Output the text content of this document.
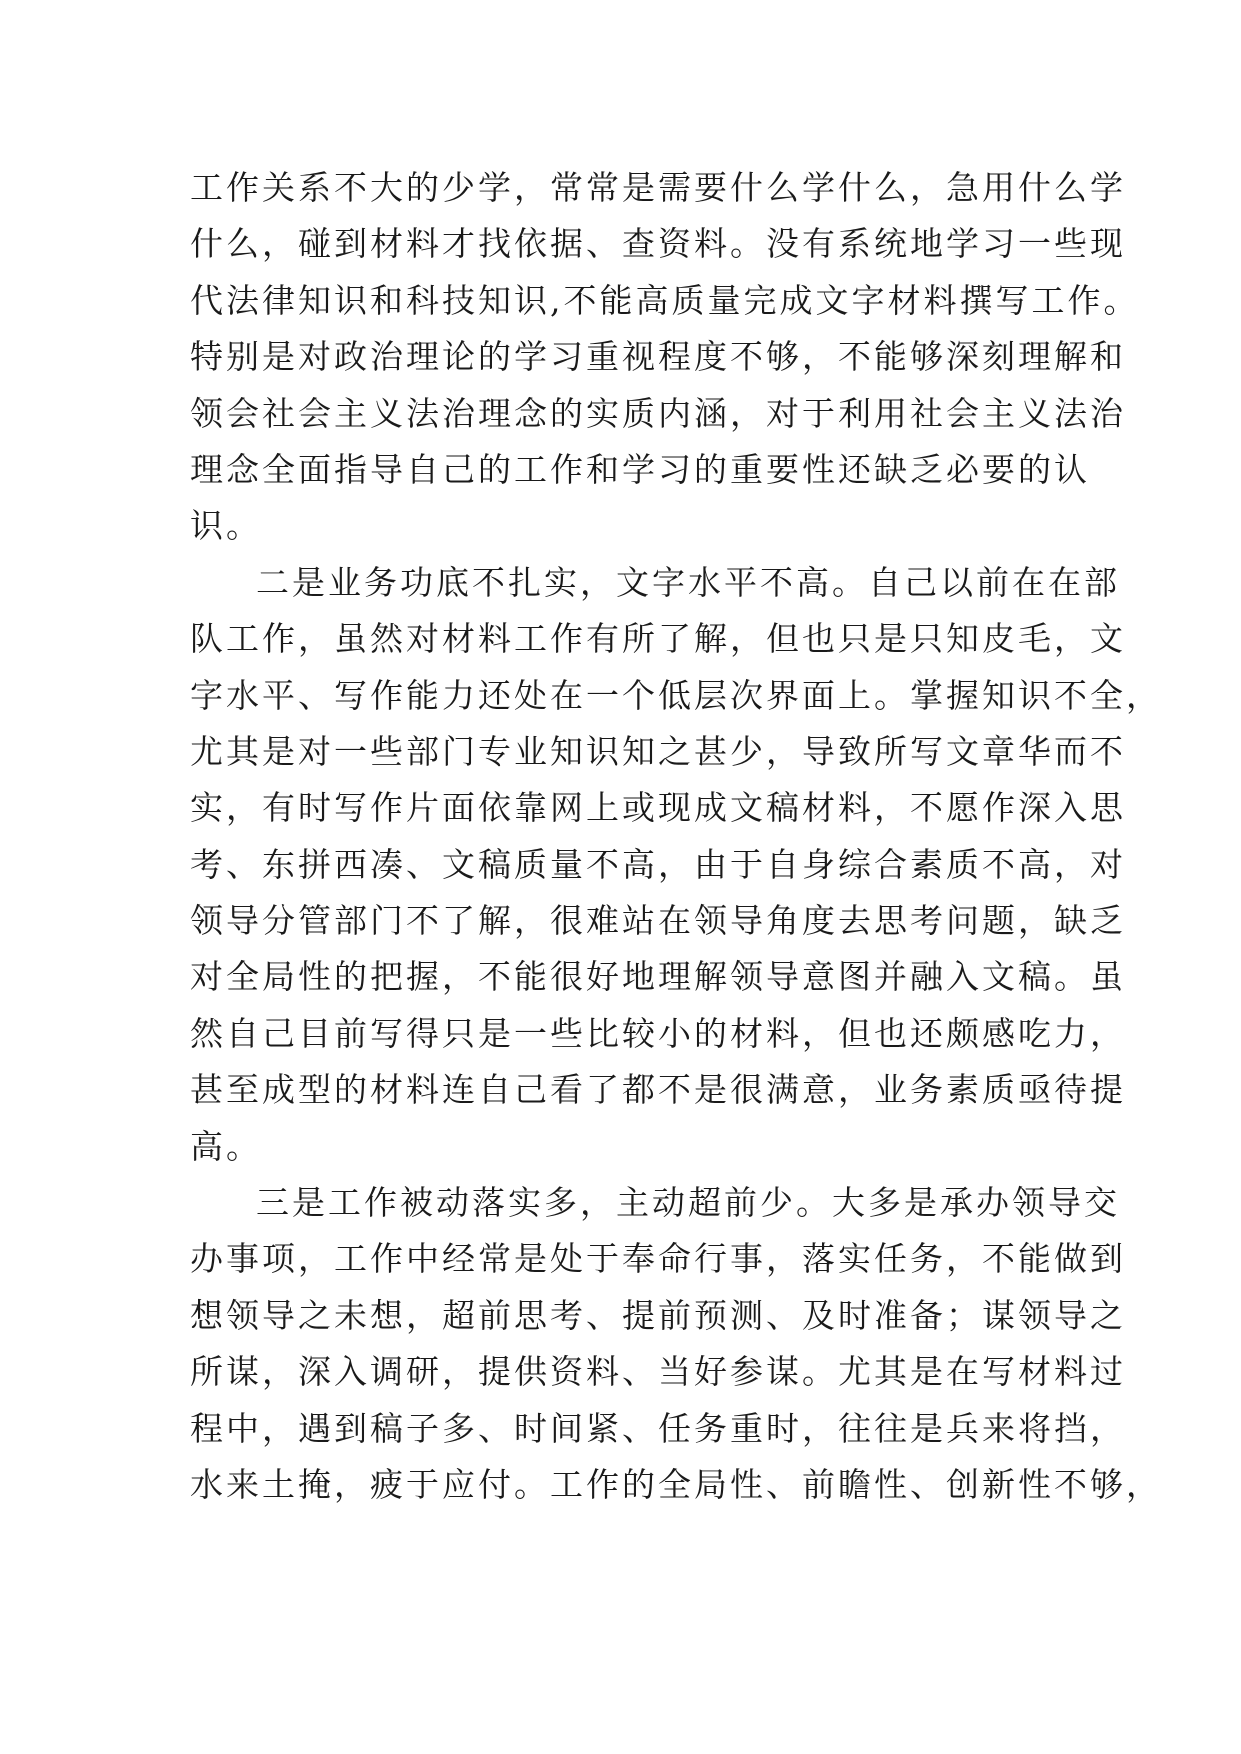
工作关系不大的少学，常常是需要什么学什么，急用什么学
什么，碰到材料才找依据、查资料。没有系统地学习一些现
代法律知识和科技知识,不能高质量完成文字材料撰写工作。
特别是对政治理论的学习重视程度不够，不能够深刻理解和
领会社会主义法治理念的实质内涵，对于利用社会主义法治
理念全面指导自己的工作和学习的重要性还缺乏必要的认
识。
二是业务功底不扎实，文字水平不高。自己以前在在部
队工作，虽然对材料工作有所了解，但也只是只知皮毛，文
字水平、写作能力还处在一个低层次界面上。掌握知识不全，
尤其是对一些部门专业知识知之甚少，导致所写文章华而不
实，有时写作片面依靠网上或现成文稿材料，不愿作深入思
考、东拼西凑、文稿质量不高，由于自身综合素质不高，对
领导分管部门不了解，很难站在领导角度去思考问题，缺乏
对全局性的把握，不能很好地理解领导意图并融入文稿。虽
然自己目前写得只是一些比较小的材料，但也还颇感吃力，
甚至成型的材料连自己看了都不是很满意，业务素质亟待提
高。
三是工作被动落实多，主动超前少。大多是承办领导交
办事项，工作中经常是处于奉命行事，落实任务，不能做到
想领导之未想，超前思考、提前预测、及时准备；谋领导之
所谋，深入调研，提供资料、当好参谋。尤其是在写材料过
程中，遇到稿子多、时间紧、任务重时，往往是兵来将挡，
水来土掩，疲于应付。工作的全局性、前瞻性、创新性不够，
